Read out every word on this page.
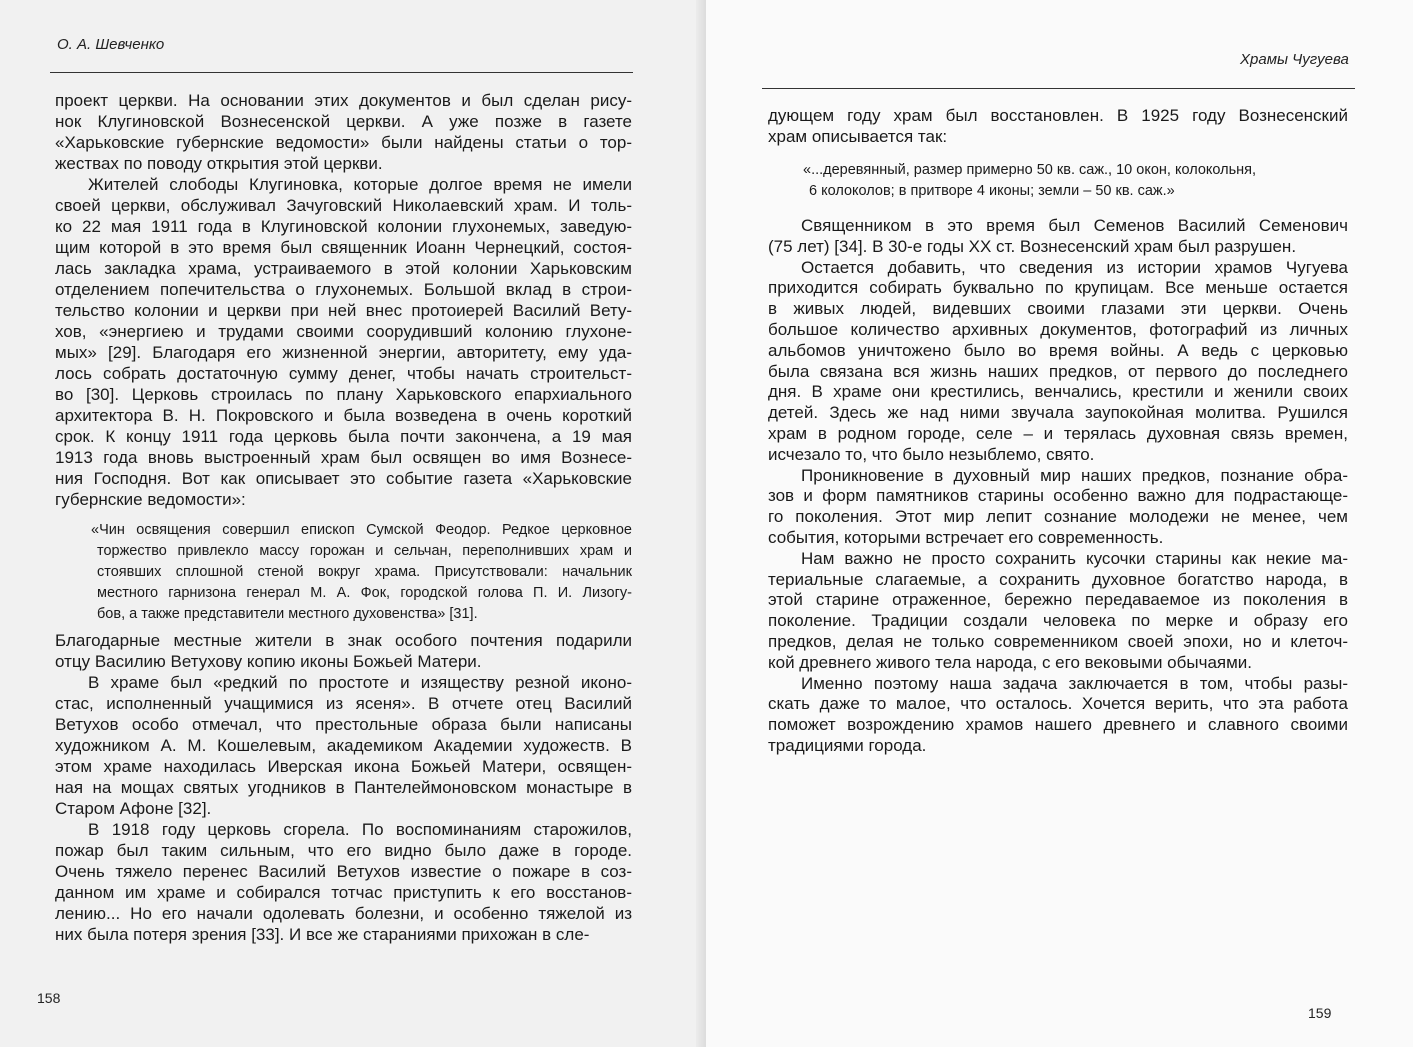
О. А. Шевченко
проект церкви. На основании этих документов и был сделан рису-
нок Клугиновской Вознесенской церкви. А уже позже в газете
«Харьковские губернские ведомости» были найдены статьи о тор-
жествах по поводу открытия этой церкви.
Жителей слободы Клугиновка, которые долгое время не имели
своей церкви, обслуживал Зачуговский Николаевский храм. И толь-
ко 22 мая 1911 года в Клугиновской колонии глухонемых, заведую-
щим которой в это время был священник Иоанн Чернецкий, состоя-
лась закладка храма, устраиваемого в этой колонии Харьковским
отделением попечительства о глухонемых. Большой вклад в строи-
тельство колонии и церкви при ней внес протоиерей Василий Ветy-
хов, «энергиею и трудами своими соорудивший колонию глухоне-
мых» [29]. Благодаря его жизненной энергии, авторитету, ему уда-
лось собрать достаточную сумму денег, чтобы начать строительст-
во [30]. Церковь строилась по плану Харьковского епархиального
архитектора В. Н. Покровского и была возведена в очень короткий
срок. К концу 1911 года церковь была почти закончена, а 19 мая
1913 года вновь выстроенный храм был освящен во имя Вознесе-
ния Господня. Вот как описывает это событие газета «Харьковские
губернские ведомости»:
«Чин освящения совершил епископ Сумской Феодор. Редкое церковное
торжество привлекло массу горожан и сельчан, переполнивших храм и
стоявших сплошной стеной вокруг храма. Присутствовали: начальник
местного гарнизона генерал М. А. Фок, городской голова П. И. Лизогу-
бов, а также представители местного духовенства» [31].
Благодарные местные жители в знак особого почтения подарили
отцу Василию Ветухову копию иконы Божьей Матери.
В храме был «редкий по простоте и изяществу резной иконо-
стас, исполненный учащимися из ясеня». В отчете отец Василий
Ветухов особо отмечал, что престольные образа были написаны
художником А. М. Кошелевым, академиком Академии художеств. В
этом храме находилась Иверская икона Божьей Матери, освящен-
ная на мощах святых угодников в Пантелеймоновском монастыре в
Старом Афоне [32].
В 1918 году церковь сгорела. По воспоминаниям старожилов,
пожар был таким сильным, что его видно было даже в городе.
Очень тяжело перенес Василий Ветухов известие о пожаре в соз-
данном им храме и собирался тотчас приступить к его восстанов-
лению... Но его начали одолевать болезни, и особенно тяжелой из
них была потеря зрения [33]. И все же стараниями прихожан в сле-
158
Храмы Чугуева
дующем году храм был восстановлен. В 1925 году Вознесенский
храм описывается так:
«...деревянный, размер примерно 50 кв. саж., 10 окон, колокольня,
6 колоколов; в притворе 4 иконы; земли – 50 кв. саж.»
Священником в это время был Семенов Василий Семенович
(75 лет) [34]. В 30-е годы XX ст. Вознесенский храм был разрушен.
Остается добавить, что сведения из истории храмов Чугуева
приходится собирать буквально по крупицам. Все меньше остается
в живых людей, видевших своими глазами эти церкви. Очень
большое количество архивных документов, фотографий из личных
альбомов уничтожено было во время войны. А ведь с церковью
была связана вся жизнь наших предков, от первого до последнего
дня. В храме они крестились, венчались, крестили и женили своих
детей. Здесь же над ними звучала заупокойная молитва. Рушился
храм в родном городе, селе – и терялась духовная связь времен,
исчезало то, что было незыблемо, свято.
Проникновение в духовный мир наших предков, познание обра-
зов и форм памятников старины особенно важно для подрастающе-
го поколения. Этот мир лепит сознание молодежи не менее, чем
события, которыми встречает его современность.
Нам важно не просто сохранить кусочки старины как некие ма-
териальные слагаемые, а сохранить духовное богатство народа, в
этой старине отраженное, бережно передаваемое из поколения в
поколение. Традиции создали человека по мерке и образу его
предков, делая не только современником своей эпохи, но и клеточ-
кой древнего живого тела народа, с его вековыми обычаями.
Именно поэтому наша задача заключается в том, чтобы разы-
скать даже то малое, что осталось. Хочется верить, что эта работа
поможет возрождению храмов нашего древнего и славного своими
традициями города.
159
